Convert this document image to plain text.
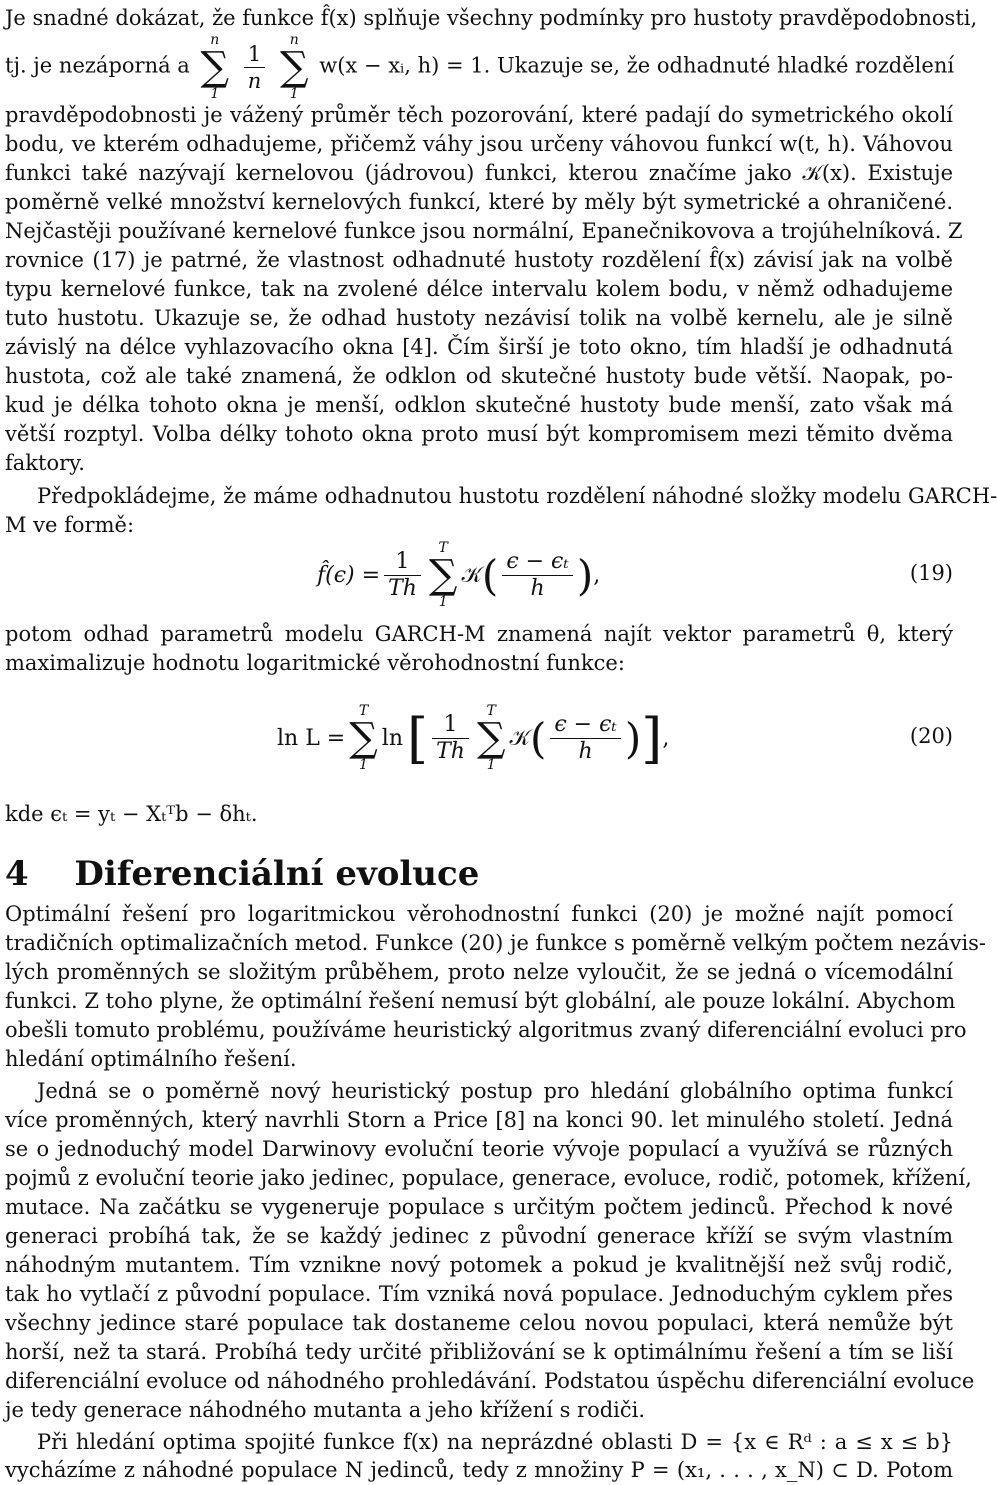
Je snadné dokázat, že funkce f̂(x) splňuje všechny podmínky pro hustoty pravděpodobnosti,
tj. je nezáporná a
n
∑
1

$\frac{1}{n}$

n
∑
1
w(x − xᵢ, h) = 1. Ukazuje se, že odhadnuté hladké rozdělení
pravděpodobnosti je vážený průměr těch pozorování, které padají do symetrického okolí
bodu, ve kterém odhadujeme, přičemž váhy jsou určeny váhovou funkcí w(t, h). Váhovou
funkci také nazývají kernelovou (jádrovou) funkci, kterou značíme jako 𝒦(x). Existuje
poměrně velké množství kernelových funkcí, které by měly být symetrické a ohraničené.
Nejčastěji používané kernelové funkce jsou normální, Epanečnikovova a trojúhelníková. Z
rovnice (17) je patrné, že vlastnost odhadnuté hustoty rozdělení f̂(x) závisí jak na volbě
typu kernelové funkce, tak na zvolené délce intervalu kolem bodu, v němž odhadujeme
tuto hustotu. Ukazuje se, že odhad hustoty nezávisí tolik na volbě kernelu, ale je silně
závislý na délce vyhlazovacího okna [4]. Čím širší je toto okno, tím hladší je odhadnutá
hustota, což ale také znamená, že odklon od skutečné hustoty bude větší. Naopak, po-
kud je délka tohoto okna je menší, odklon skutečné hustoty bude menší, zato však má
větší rozptyl. Volba délky tohoto okna proto musí být kompromisem mezi těmito dvěma
faktory.
Předpokládejme, že máme odhadnutou hustotu rozdělení náhodné složky modelu GARCH-
M ve formě:
f̂(ϵ) = $\frac{1}{Th}$
T
∑
1
𝒦 ( $\frac{\text{ϵ − ϵₜ}}{h}$ ) ,	(19)
potom odhad parametrů modelu GARCH-M znamená najít vektor parametrů θ, který
maximalizuje hodnotu logaritmické věrohodnostní funkce:
ln L =
T
∑
1
ln [ $\frac{1}{Th}$
T
∑
1
𝒦 ( $\frac{\text{ϵ − ϵₜ}}{h}$ ) ] ,	(20)
kde ϵₜ = yₜ − Xₜᵀb − δhₜ.
4 Diferenciální evoluce
Optimální řešení pro logaritmickou věrohodnostní funkci (20) je možné najít pomocí
tradičních optimalizačních metod. Funkce (20) je funkce s poměrně velkým počtem nezávis-
lých proměnných se složitým průběhem, proto nelze vyloučit, že se jedná o vícemodální
funkci. Z toho plyne, že optimální řešení nemusí být globální, ale pouze lokální. Abychom
obešli tomuto problému, používáme heuristický algoritmus zvaný diferenciální evoluci pro
hledání optimálního řešení.
Jedná se o poměrně nový heuristický postup pro hledání globálního optima funkcí
více proměnných, který navrhli Storn a Price [8] na konci 90. let minulého století. Jedná
se o jednoduchý model Darwinovy evoluční teorie vývoje populací a využívá se různých
pojmů z evoluční teorie jako jedinec, populace, generace, evoluce, rodič, potomek, křížení,
mutace. Na začátku se vygeneruje populace s určitým počtem jedinců. Přechod k nové
generaci probíhá tak, že se každý jedinec z původní generace kříží se svým vlastním
náhodným mutantem. Tím vznikne nový potomek a pokud je kvalitnější než svůj rodič,
tak ho vytlačí z původní populace. Tím vzniká nová populace. Jednoduchým cyklem přes
všechny jedince staré populace tak dostaneme celou novou populaci, která nemůže být
horší, než ta stará. Probíhá tedy určité přibližování se k optimálnímu řešení a tím se liší
diferenciální evoluce od náhodného prohledávání. Podstatou úspěchu diferenciální evoluce
je tedy generace náhodného mutanta a jeho křížení s rodiči.
Při hledání optima spojité funkce f(x) na neprázdné oblasti D = {x ∈ Rᵈ : a ≤ x ≤ b}
vycházíme z náhodné populace N jedinců, tedy z množiny P = (x₁, . . . , x_N) ⊂ D. Potom
